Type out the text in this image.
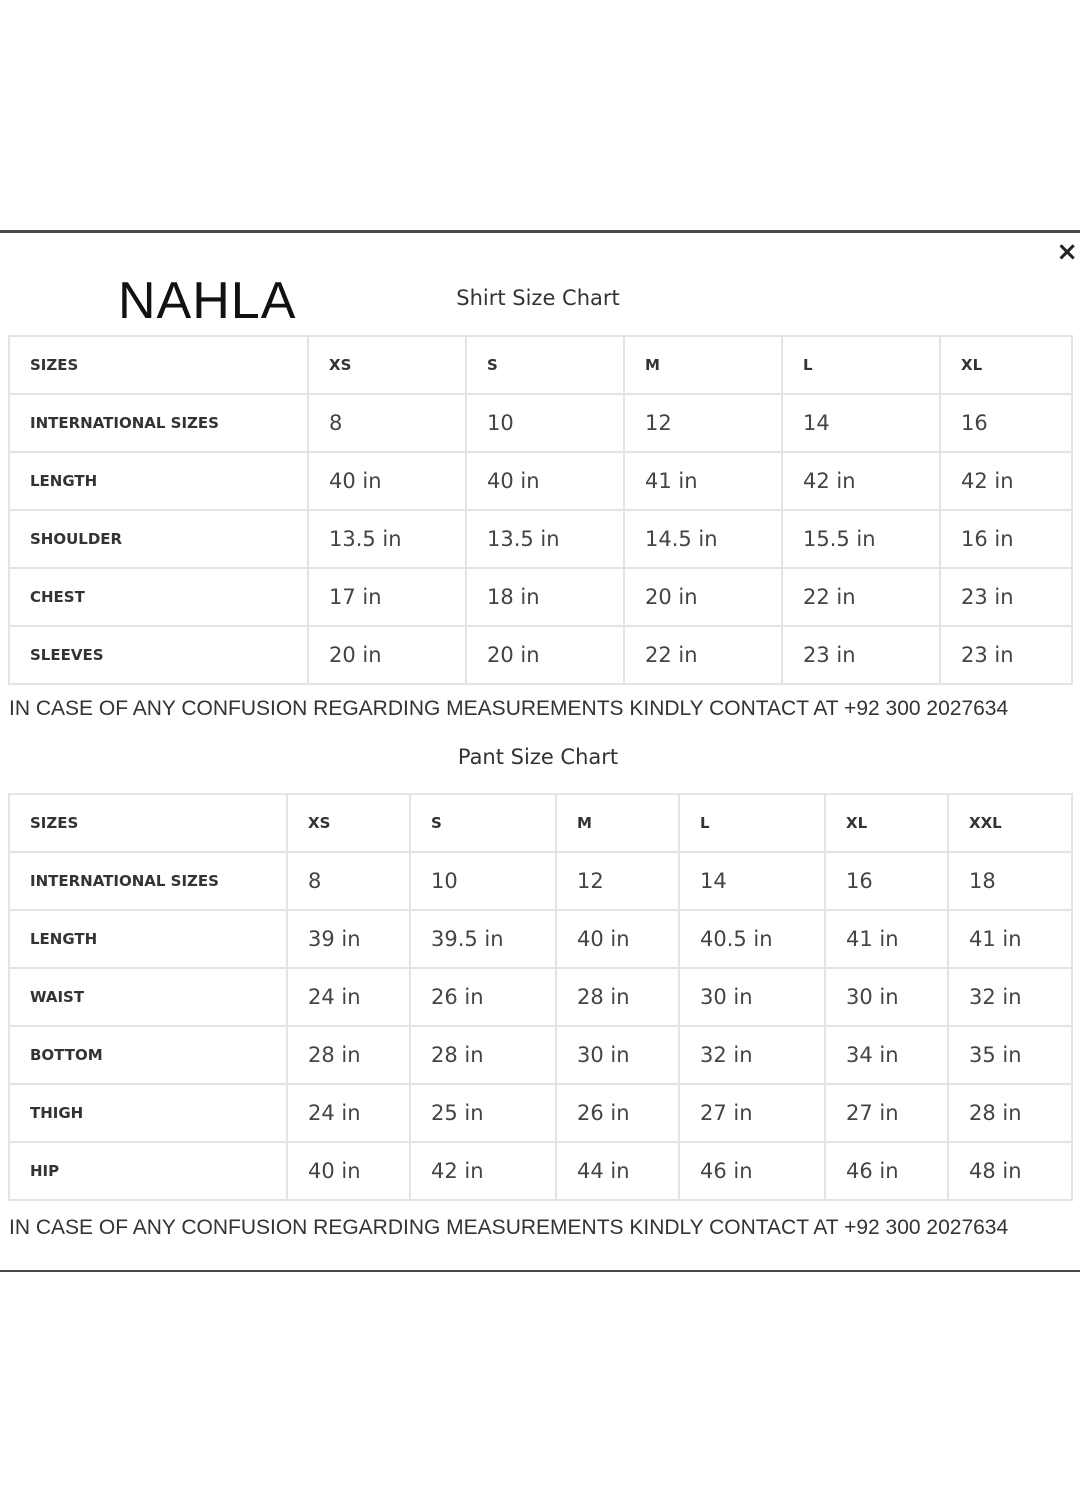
×
NAHLA	Shirt Size Chart
SIZES	XS	S	M	L	XL
INTERNATIONAL SIZES	8	10	12	14	16
LENGTH	40 in	40 in	41 in	42 in	42 in
SHOULDER	13.5 in	13.5 in	14.5 in	15.5 in	16 in
CHEST	17 in	18 in	20 in	22 in	23 in
SLEEVES	20 in	20 in	22 in	23 in	23 in
IN CASE OF ANY CONFUSION REGARDING MEASUREMENTS KINDLY CONTACT AT +92 300 2027634
Pant Size Chart
SIZES	XS	S	M	L	XL	XXL
INTERNATIONAL SIZES	8	10	12	14	16	18
LENGTH	39 in	39.5 in	40 in	40.5 in	41 in	41 in
WAIST	24 in	26 in	28 in	30 in	30 in	32 in
BOTTOM	28 in	28 in	30 in	32 in	34 in	35 in
THIGH	24 in	25 in	26 in	27 in	27 in	28 in
HIP	40 in	42 in	44 in	46 in	46 in	48 in
IN CASE OF ANY CONFUSION REGARDING MEASUREMENTS KINDLY CONTACT AT +92 300 2027634
